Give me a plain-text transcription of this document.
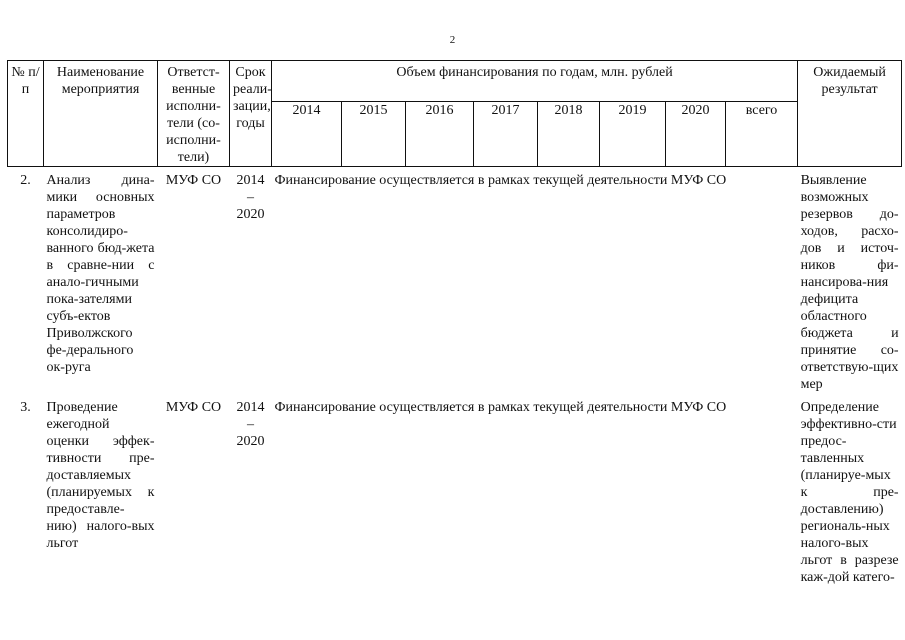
2
№ п/п	Наименование мероприятия	Ответст-венные исполни-тели (со-исполни-тели)	Срок реали-зации, годы	Объем финансирования по годам, млн. рублей								Ожидаемый результат
				2014	2015	2016	2017	2018	2019	2020	всего	
2.	Анализ дина-мики основных параметров консолидиро-ванного бюд-жета в сравне-нии с анало-гичными пока-зателями субъ-ектов Приволжского фе-дерального ок-руга	МУФ СО	2014 – 2020	Финансирование осуществляется в рамках текущей деятельности МУФ СО								Выявление возможных резервов до-ходов, расхо-дов и источ-ников фи-нансирова-ния дефицита областного бюджета и принятие со-ответствую-щих мер
3.	Проведение ежегодной оценки эффек-тивности пре-доставляемых (планируемых к предоставле-нию) налого-вых льгот	МУФ СО	2014 – 2020	Финансирование осуществляется в рамках текущей деятельности МУФ СО								Определение эффективно-сти предос-тавленных (планируе-мых к пре-доставлению) региональ-ных налого-вых льгот в разрезе каж-дой катего-
